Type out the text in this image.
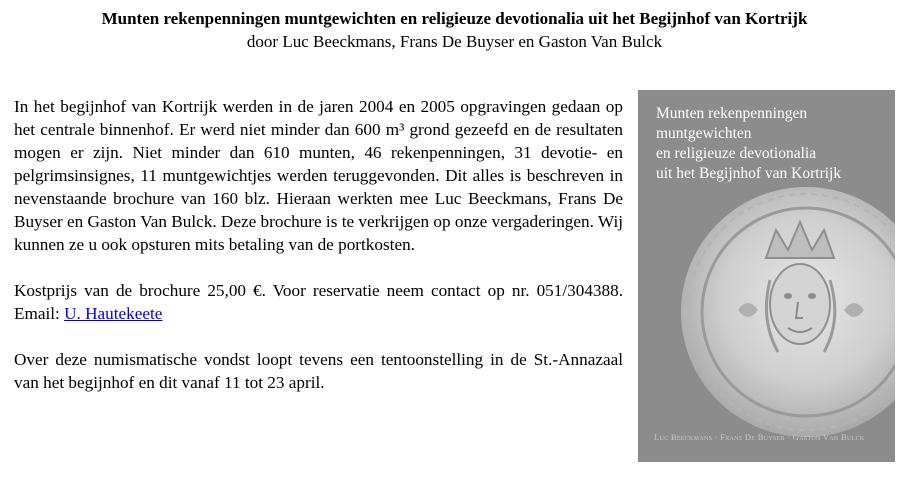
Munten rekenpenningen muntgewichten en religieuze devotionalia uit het Begijnhof van Kortrijk
door Luc Beeckmans, Frans De Buyser en Gaston Van Bulck

In het begijnhof van Kortrijk werden in de jaren 2004 en 2005 opgravingen gedaan op het centrale binnenhof. Er werd niet minder dan 600 m³ grond gezeefd en de resultaten mogen er zijn. Niet minder dan 610 munten, 46 rekenpenningen, 31 devotie- en pelgrimsinsignes, 11 muntgewichtjes werden teruggevonden. Dit alles is beschreven in nevenstaande brochure van 160 blz. Hieraan werkten mee Luc Beeckmans, Frans De Buyser en Gaston Van Bulck. Deze brochure is te verkrijgen op onze vergaderingen. Wij kunnen ze u ook opsturen mits betaling van de portkosten.

Kostprijs van de brochure 25,00 €. Voor reservatie neem contact op nr. 051/304388. Email: U. Hautekeete

Over deze numismatische vondst loopt tevens een tentoonstelling in de St.-Annazaal van het begijnhof en dit vanaf 11 tot 23 april.

Munten rekenpenningen
muntgewichten
en religieuze devotionalia
uit het Begijnhof van Kortrijk
Luc Beeckmans · Frans De Buyser · Gaston Van Bulck
